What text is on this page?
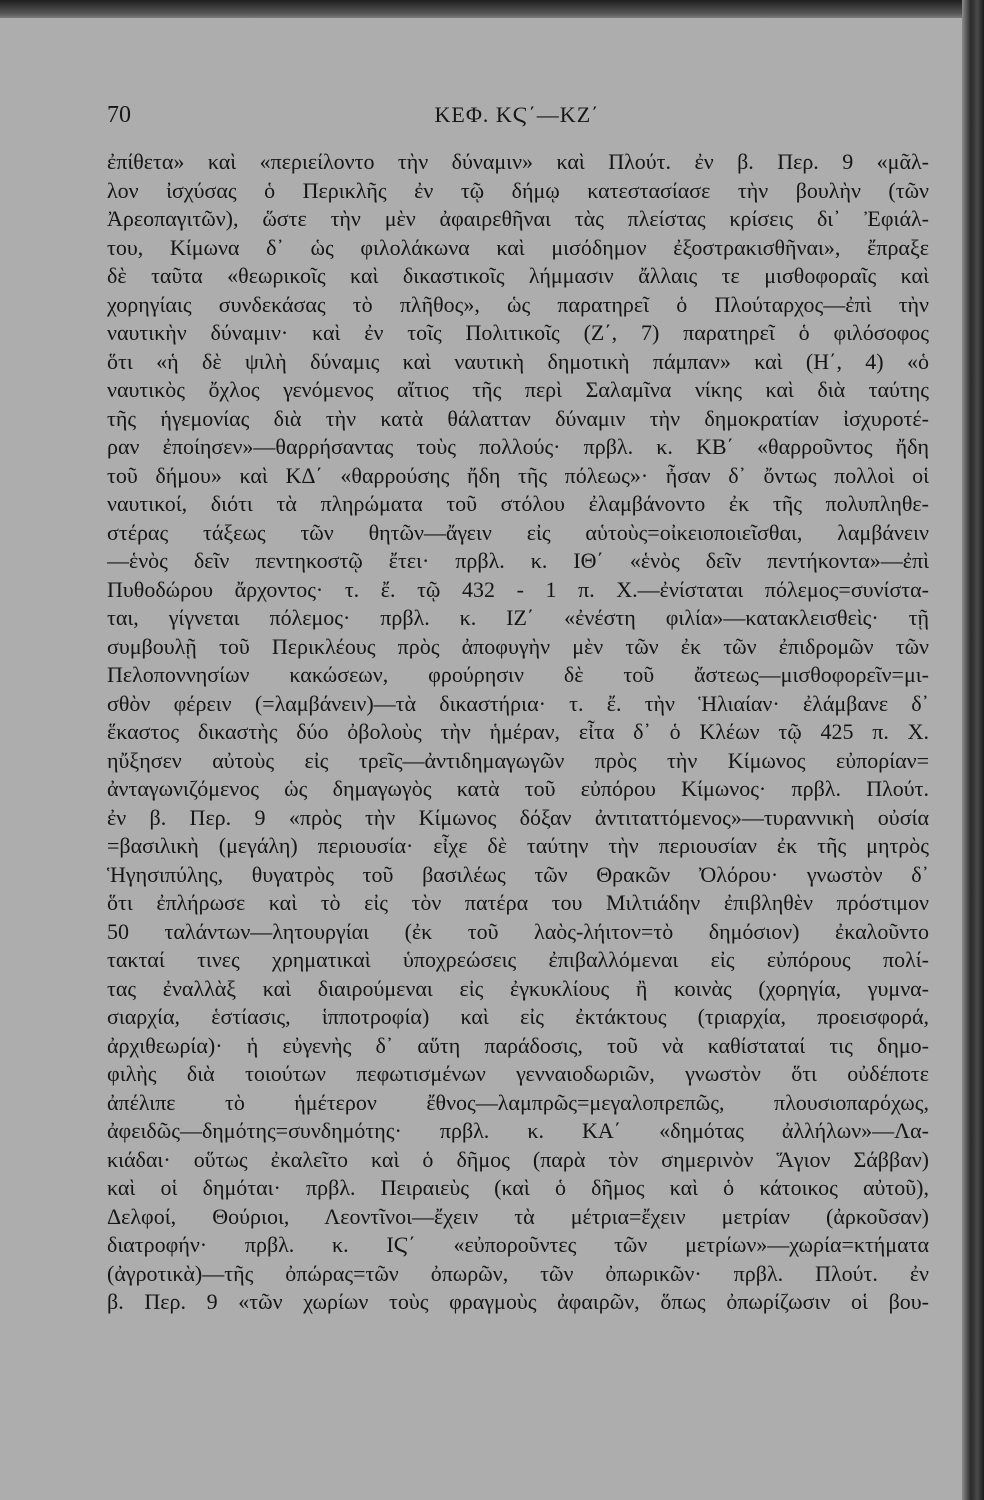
70	ΚΕΦ. ΚϚ΄—ΚΖ΄
ἐπίθετα» καὶ «περιείλοντο τὴν δύναμιν» καὶ Πλούτ. ἐν β. Περ. 9 «μᾶλ-
λον ἰσχύσας ὁ Περικλῆς ἐν τῷ δήμῳ κατεστασίασε τὴν βουλὴν (τῶν
Ἀρεοπαγιτῶν), ὥστε τὴν μὲν ἀφαιρεθῆναι τὰς πλείστας κρίσεις δι᾽ Ἐφιάλ-
του, Κίμωνα δ᾽ ὡς φιλολάκωνα καὶ μισόδημον ἐξοστρακισθῆναι», ἔπραξε
δὲ ταῦτα «θεωρικοῖς καὶ δικαστικοῖς λήμμασιν ἄλλαις τε μισθοφοραῖς καὶ
χορηγίαις συνδεκάσας τὸ πλῆθος», ὡς παρατηρεῖ ὁ Πλούταρχος—ἐπὶ τὴν
ναυτικὴν δύναμιν· καὶ ἐν τοῖς Πολιτικοῖς (Ζ΄, 7) παρατηρεῖ ὁ φιλόσοφος
ὅτι «ἡ δὲ ψιλὴ δύναμις καὶ ναυτικὴ δημοτικὴ πάμπαν» καὶ (Η΄, 4) «ὁ
ναυτικὸς ὄχλος γενόμενος αἴτιος τῆς περὶ Σαλαμῖνα νίκης καὶ διὰ ταύτης
τῆς ἡγεμονίας διὰ τὴν κατὰ θάλατταν δύναμιν τὴν δημοκρατίαν ἰσχυροτέ-
ραν ἐποίησεν»—θαρρήσαντας τοὺς πολλούς· πρβλ. κ. ΚΒ΄ «θαρροῦντος ἤδη
τοῦ δήμου» καὶ ΚΔ΄ «θαρρούσης ἤδη τῆς πόλεως»· ἦσαν δ᾽ ὄντως πολλοὶ οἱ
ναυτικοί, διότι τὰ πληρώματα τοῦ στόλου ἐλαμβάνοντο ἐκ τῆς πολυπληθε-
στέρας τάξεως τῶν θητῶν—ἄγειν εἰς αὑτοὺς=οἰκειοποιεῖσθαι, λαμβάνειν
—ἑνὸς δεῖν πεντηκοστῷ ἔτει· πρβλ. κ. ΙΘ΄ «ἑνὸς δεῖν πεντήκοντα»—ἐπὶ
Πυθοδώρου ἄρχοντος· τ. ἔ. τῷ 432 - 1 π. Χ.—ἐνίσταται πόλεμος=συνίστα-
ται, γίγνεται πόλεμος· πρβλ. κ. ΙΖ΄ «ἐνέστη φιλία»—κατακλεισθεὶς· τῇ
συμβουλῇ τοῦ Περικλέους πρὸς ἀποφυγὴν μὲν τῶν ἐκ τῶν ἐπιδρομῶν τῶν
Πελοποννησίων κακώσεων, φρούρησιν δὲ τοῦ ἄστεως—μισθοφορεῖν=μι-
σθὸν φέρειν (=λαμβάνειν)—τὰ δικαστήρια· τ. ἔ. τὴν Ἡλιαίαν· ἐλάμβανε δ᾽
ἕκαστος δικαστὴς δύο ὀβολοὺς τὴν ἡμέραν, εἶτα δ᾽ ὁ Κλέων τῷ 425 π. Χ.
ηὔξησεν αὐτοὺς εἰς τρεῖς—ἀντιδημαγωγῶν πρὸς τὴν Κίμωνος εὐπορίαν=
ἀνταγωνιζόμενος ὡς δημαγωγὸς κατὰ τοῦ εὐπόρου Κίμωνος· πρβλ. Πλούτ.
ἐν β. Περ. 9 «πρὸς τὴν Κίμωνος δόξαν ἀντιταττόμενος»—τυραννικὴ οὐσία
=βασιλικὴ (μεγάλη) περιουσία· εἶχε δὲ ταύτην τὴν περιουσίαν ἐκ τῆς μητρὸς
Ἡγησιπύλης, θυγατρὸς τοῦ βασιλέως τῶν Θρακῶν Ὀλόρου· γνωστὸν δ᾽
ὅτι ἐπλήρωσε καὶ τὸ εἰς τὸν πατέρα του Μιλτιάδην ἐπιβληθὲν πρόστιμον
50 ταλάντων—λητουργίαι (ἐκ τοῦ λαὸς-λήιτον=τὸ δημόσιον) ἐκαλοῦντο
τακταί τινες χρηματικαὶ ὑποχρεώσεις ἐπιβαλλόμεναι εἰς εὐπόρους πολί-
τας ἐναλλὰξ καὶ διαιρούμεναι εἰς ἐγκυκλίους ἢ κοινὰς (χορηγία, γυμνα-
σιαρχία, ἑστίασις, ἱπποτροφία) καὶ εἰς ἐκτάκτους (τριαρχία, προεισφορά,
ἀρχιθεωρία)· ἡ εὐγενὴς δ᾽ αὕτη παράδοσις, τοῦ νὰ καθίσταταί τις δημο-
φιλὴς διὰ τοιούτων πεφωτισμένων γενναιοδωριῶν, γνωστὸν ὅτι οὐδέποτε
ἀπέλιπε τὸ ἡμέτερον ἔθνος—λαμπρῶς=μεγαλοπρεπῶς, πλουσιοπαρόχως,
ἀφειδῶς—δημότης=συνδημότης· πρβλ. κ. ΚΑ΄ «δημότας ἀλλήλων»—Λα-
κιάδαι· οὕτως ἐκαλεῖτο καὶ ὁ δῆμος (παρὰ τὸν σημερινὸν Ἅγιον Σάββαν)
καὶ οἱ δημόται· πρβλ. Πειραιεὺς (καὶ ὁ δῆμος καὶ ὁ κάτοικος αὐτοῦ),
Δελφοί, Θούριοι, Λεοντῖνοι—ἔχειν τὰ μέτρια=ἔχειν μετρίαν (ἀρκοῦσαν)
διατροφήν· πρβλ. κ. ΙϚ΄ «εὐποροῦντες τῶν μετρίων»—χωρία=κτήματα
(ἀγροτικὰ)—τῆς ὀπώρας=τῶν ὀπωρῶν, τῶν ὀπωρικῶν· πρβλ. Πλούτ. ἐν
β. Περ. 9 «τῶν χωρίων τοὺς φραγμοὺς ἀφαιρῶν, ὅπως ὀπωρίζωσιν οἱ βου-
